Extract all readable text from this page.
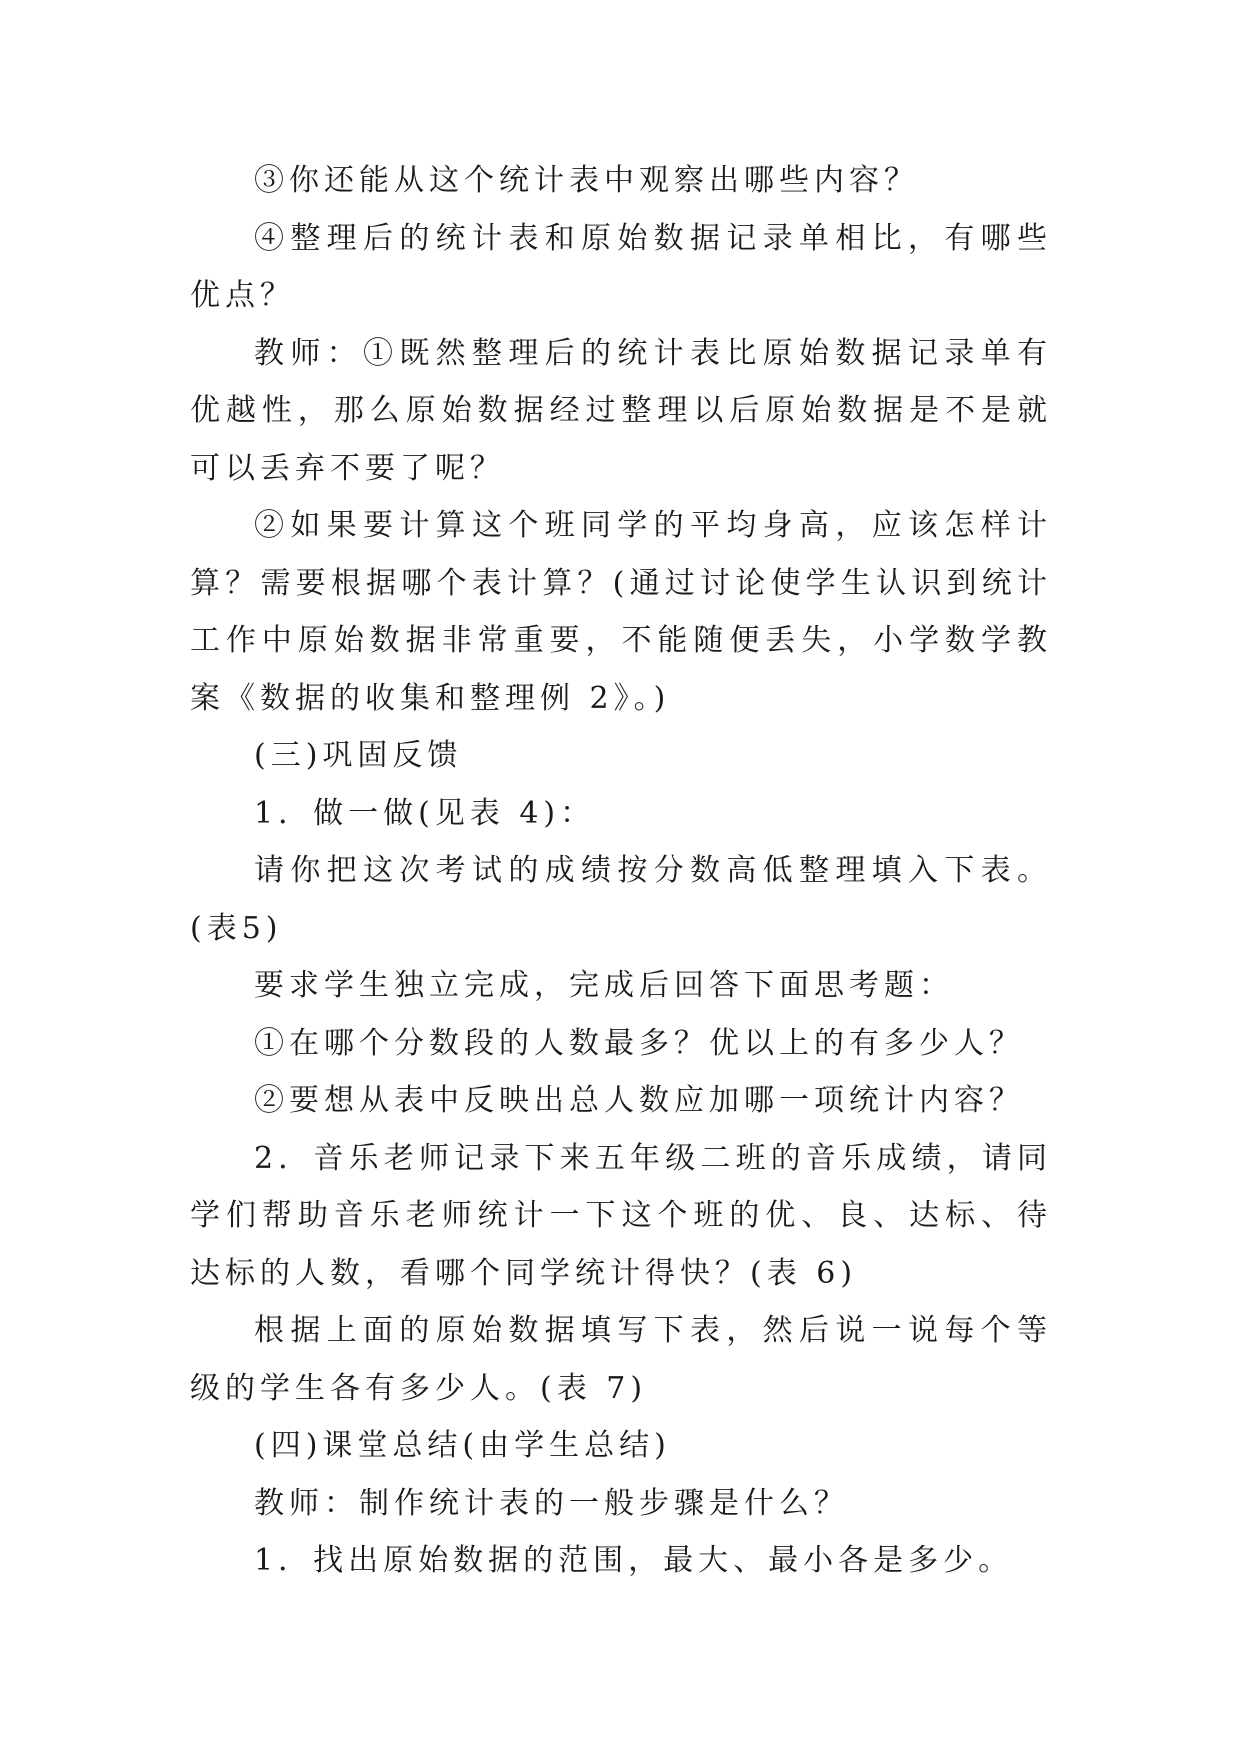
③你还能从这个统计表中观察出哪些内容？

④整理后的统计表和原始数据记录单相比，有哪些优点？

教师：①既然整理后的统计表比原始数据记录单有优越性，那么原始数据经过整理以后原始数据是不是就可以丢弃不要了呢？

②如果要计算这个班同学的平均身高，应该怎样计算？需要根据哪个表计算？(通过讨论使学生认识到统计工作中原始数据非常重要，不能随便丢失，小学数学教案《数据的收集和整理例 2》。)

(三)巩固反馈

1．做一做(见表 4)：

请你把这次考试的成绩按分数高低整理填入下表。(表5)

要求学生独立完成，完成后回答下面思考题：

①在哪个分数段的人数最多？优以上的有多少人？

②要想从表中反映出总人数应加哪一项统计内容？

2．音乐老师记录下来五年级二班的音乐成绩，请同学们帮助音乐老师统计一下这个班的优、良、达标、待达标的人数，看哪个同学统计得快？(表 6)

根据上面的原始数据填写下表，然后说一说每个等级的学生各有多少人。(表 7)

(四)课堂总结(由学生总结)

教师：制作统计表的一般步骤是什么？

1．找出原始数据的范围，最大、最小各是多少。
